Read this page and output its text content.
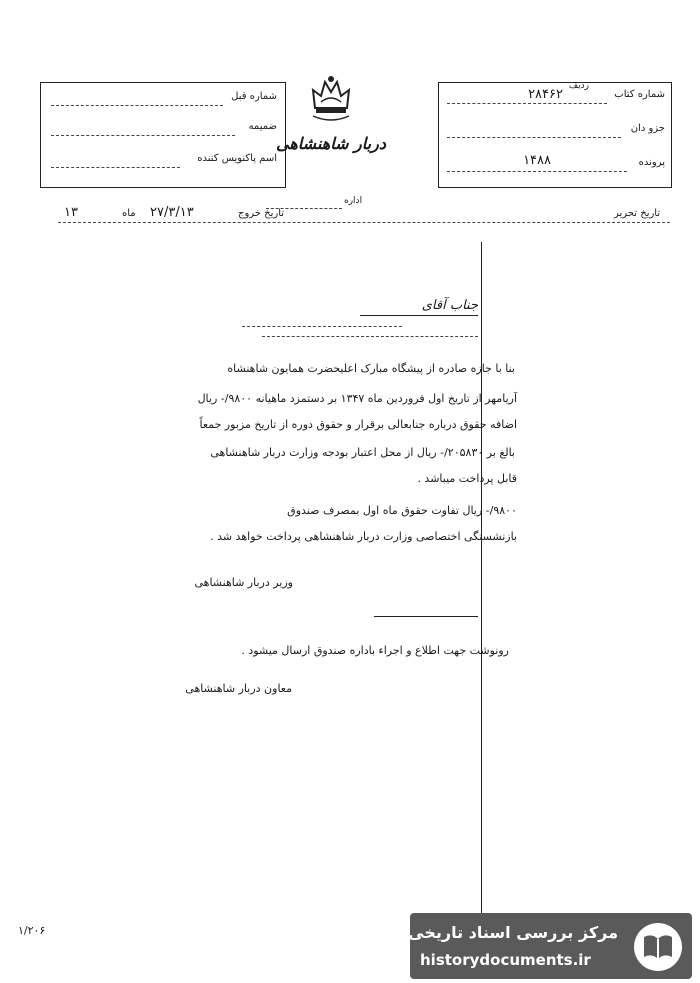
شماره قبل
ضمیمه
اسم پاکنویس کننده
دربار شاهنشاهی
شماره کتاب
ردیف
۲۸۴۶۲
جزو دان
پرونده
۱۴۸۸
اداره
تاریخ تحریر
تاریخ خروج
۲۷/۳/۱۳
ماه
۱۳
جناب آقای
بنا با جازه صادره از پیشگاه مبارک اعلیحضرت همایون شاهنشاه
آریامهر از تاریخ اول فروردین ماه ۱۳۴۷ بر دستمزد ماهیانه ۹۸۰۰/- ریال
اضافه حقوق درباره جنابعالی برقرار و حقوق دوره از تاریخ مزبور جمعاً
بالغ بر ۲۰۵۸۳۰/- ریال از محل اعتبار بودجه وزارت دربار شاهنشاهی
قابل پرداخت میباشد .
۹۸۰۰/- ریال تفاوت حقوق ماه اول بمصرف صندوق
بازنشستگی اختصاصی وزارت دربار شاهنشاهی پرداخت خواهد شد .
وزیر دربار شاهنشاهی
رونوشت جهت اطلاع و اجراء باداره صندوق ارسال میشود .
معاون دربار شاهنشاهی
۱/۲۰۶	مرکز بررسی اسناد تاریخی
historydocuments.ir
